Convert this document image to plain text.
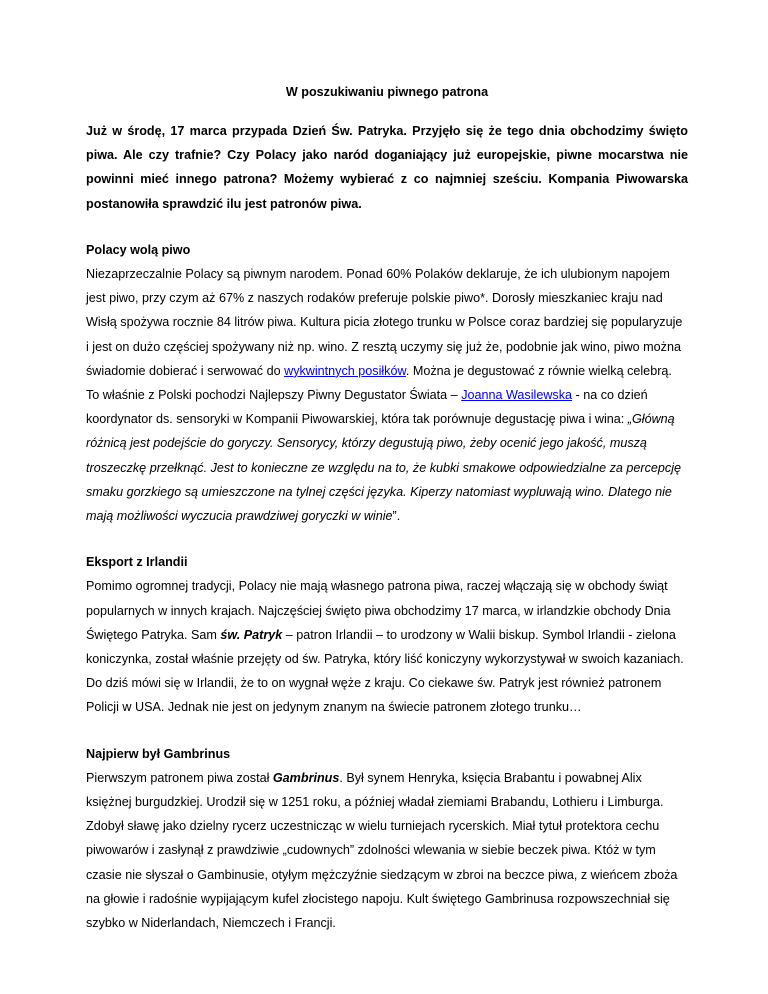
W poszukiwaniu piwnego patrona

Już w środę, 17 marca przypada Dzień Św. Patryka. Przyjęło się że tego dnia obchodzimy święto piwa. Ale czy trafnie? Czy Polacy jako naród doganiający już europejskie, piwne mocarstwa nie powinni mieć innego patrona? Możemy wybierać z co najmniej sześciu. Kompania Piwowarska postanowiła sprawdzić ilu jest patronów piwa.

Polacy wolą piwo

Niezaprzeczalnie Polacy są piwnym narodem. Ponad 60% Polaków deklaruje, że ich ulubionym napojem jest piwo, przy czym aż 67% z naszych rodaków preferuje polskie piwo*. Dorosły mieszkaniec kraju nad Wisłą spożywa rocznie 84 litrów piwa. Kultura picia złotego trunku w Polsce coraz bardziej się popularyzuje i jest on dużo częściej spożywany niż np. wino. Z resztą uczymy się już że, podobnie jak wino, piwo można świadomie dobierać i serwować do wykwintnych posiłków. Można je degustować z równie wielką celebrą. To właśnie z Polski pochodzi Najlepszy Piwny Degustator Świata – Joanna Wasilewska - na co dzień koordynator ds. sensoryki w Kompanii Piwowarskiej, która tak porównuje degustację piwa i wina: „Główną różnicą jest podejście do goryczy. Sensorycy, którzy degustują piwo, żeby ocenić jego jakość, muszą troszeczkę przełknąć. Jest to konieczne ze względu na to, że kubki smakowe odpowiedzialne za percepcję smaku gorzkiego są umieszczone na tylnej części języka. Kiperzy natomiast wypluwają wino. Dlatego nie mają możliwości wyczucia prawdziwej goryczki w winie”.

Eksport z Irlandii

Pomimo ogromnej tradycji, Polacy nie mają własnego patrona piwa, raczej włączają się w obchody świąt popularnych w innych krajach. Najczęściej święto piwa obchodzimy 17 marca, w irlandzkie obchody Dnia Świętego Patryka. Sam św. Patryk – patron Irlandii – to urodzony w Walii biskup. Symbol Irlandii - zielona koniczynka, został właśnie przejęty od św. Patryka, który liść koniczyny wykorzystywał w swoich kazaniach. Do dziś mówi się w Irlandii, że to on wygnał węże z kraju. Co ciekawe św. Patryk jest również patronem Policji w USA. Jednak nie jest on jedynym znanym na świecie patronem złotego trunku…

Najpierw był Gambrinus

Pierwszym patronem piwa został Gambrinus. Był synem Henryka, księcia Brabantu i powabnej Alix księżnej burgudzkiej. Urodził się w 1251 roku, a później władał ziemiami Brabandu, Lothieru i Limburga. Zdobył sławę jako dzielny rycerz uczestnicząc w wielu turniejach rycerskich. Miał tytuł protektora cechu piwowarów i zasłynął z prawdziwie „cudownych” zdolności wlewania w siebie beczek piwa. Któż w tym czasie nie słyszał o Gambinusie, otyłym mężczyźnie siedzącym w zbroi na beczce piwa, z wieńcem zboża na głowie i radośnie wypijającym kufel złocistego napoju. Kult świętego Gambrinusa rozpowszechniał się szybko w Niderlandach, Niemczech i Francji.
